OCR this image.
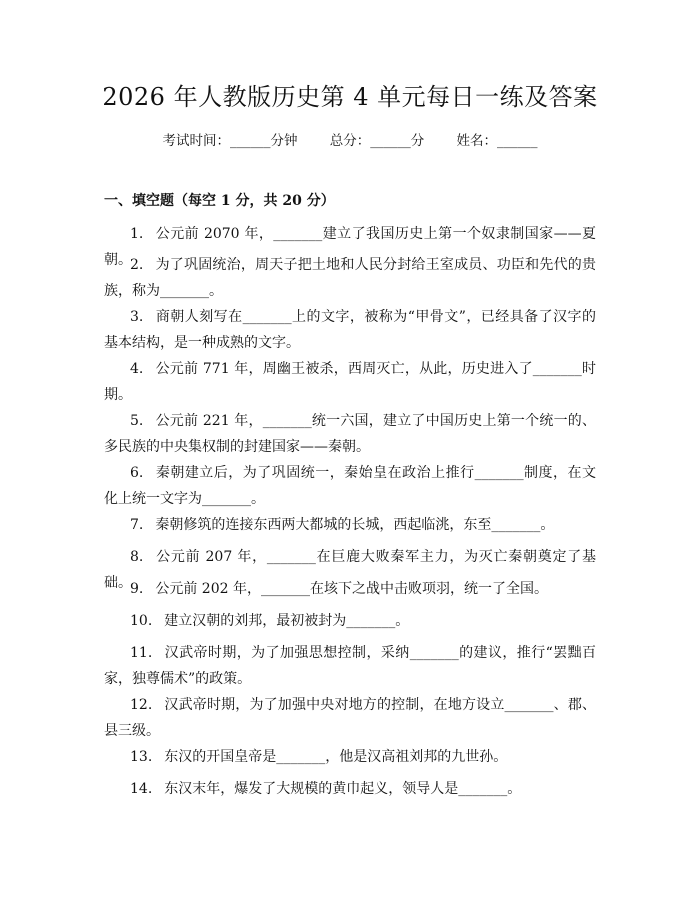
2026 年人教版历史第 4 单元每日一练及答案
考试时间：______分钟 总分：______分 姓名：______
一、填空题（每空 1 分，共 20 分）
1. 公元前 2070 年，_______建立了我国历史上第一个奴隶制国家——夏朝。
2. 为了巩固统治，周天子把土地和人民分封给王室成员、功臣和先代的贵族，称为_______。
3. 商朝人刻写在_______上的文字，被称为“甲骨文”，已经具备了汉字的基本结构，是一种成熟的文字。
4. 公元前 771 年，周幽王被杀，西周灭亡，从此，历史进入了_______时期。
5. 公元前 221 年，_______统一六国，建立了中国历史上第一个统一的、多民族的中央集权制的封建国家——秦朝。
6. 秦朝建立后，为了巩固统一，秦始皇在政治上推行_______制度，在文化上统一文字为_______。
7. 秦朝修筑的连接东西两大都城的长城，西起临洮，东至_______。
8. 公元前 207 年，_______在巨鹿大败秦军主力，为灭亡秦朝奠定了基础。
9. 公元前 202 年，_______在垓下之战中击败项羽，统一了全国。
10. 建立汉朝的刘邦，最初被封为_______。
11. 汉武帝时期，为了加强思想控制，采纳_______的建议，推行“罢黜百家，独尊儒术”的政策。
12. 汉武帝时期，为了加强中央对地方的控制，在地方设立_______、郡、县三级。
13. 东汉的开国皇帝是_______，他是汉高祖刘邦的九世孙。
14. 东汉末年，爆发了大规模的黄巾起义，领导人是_______。
